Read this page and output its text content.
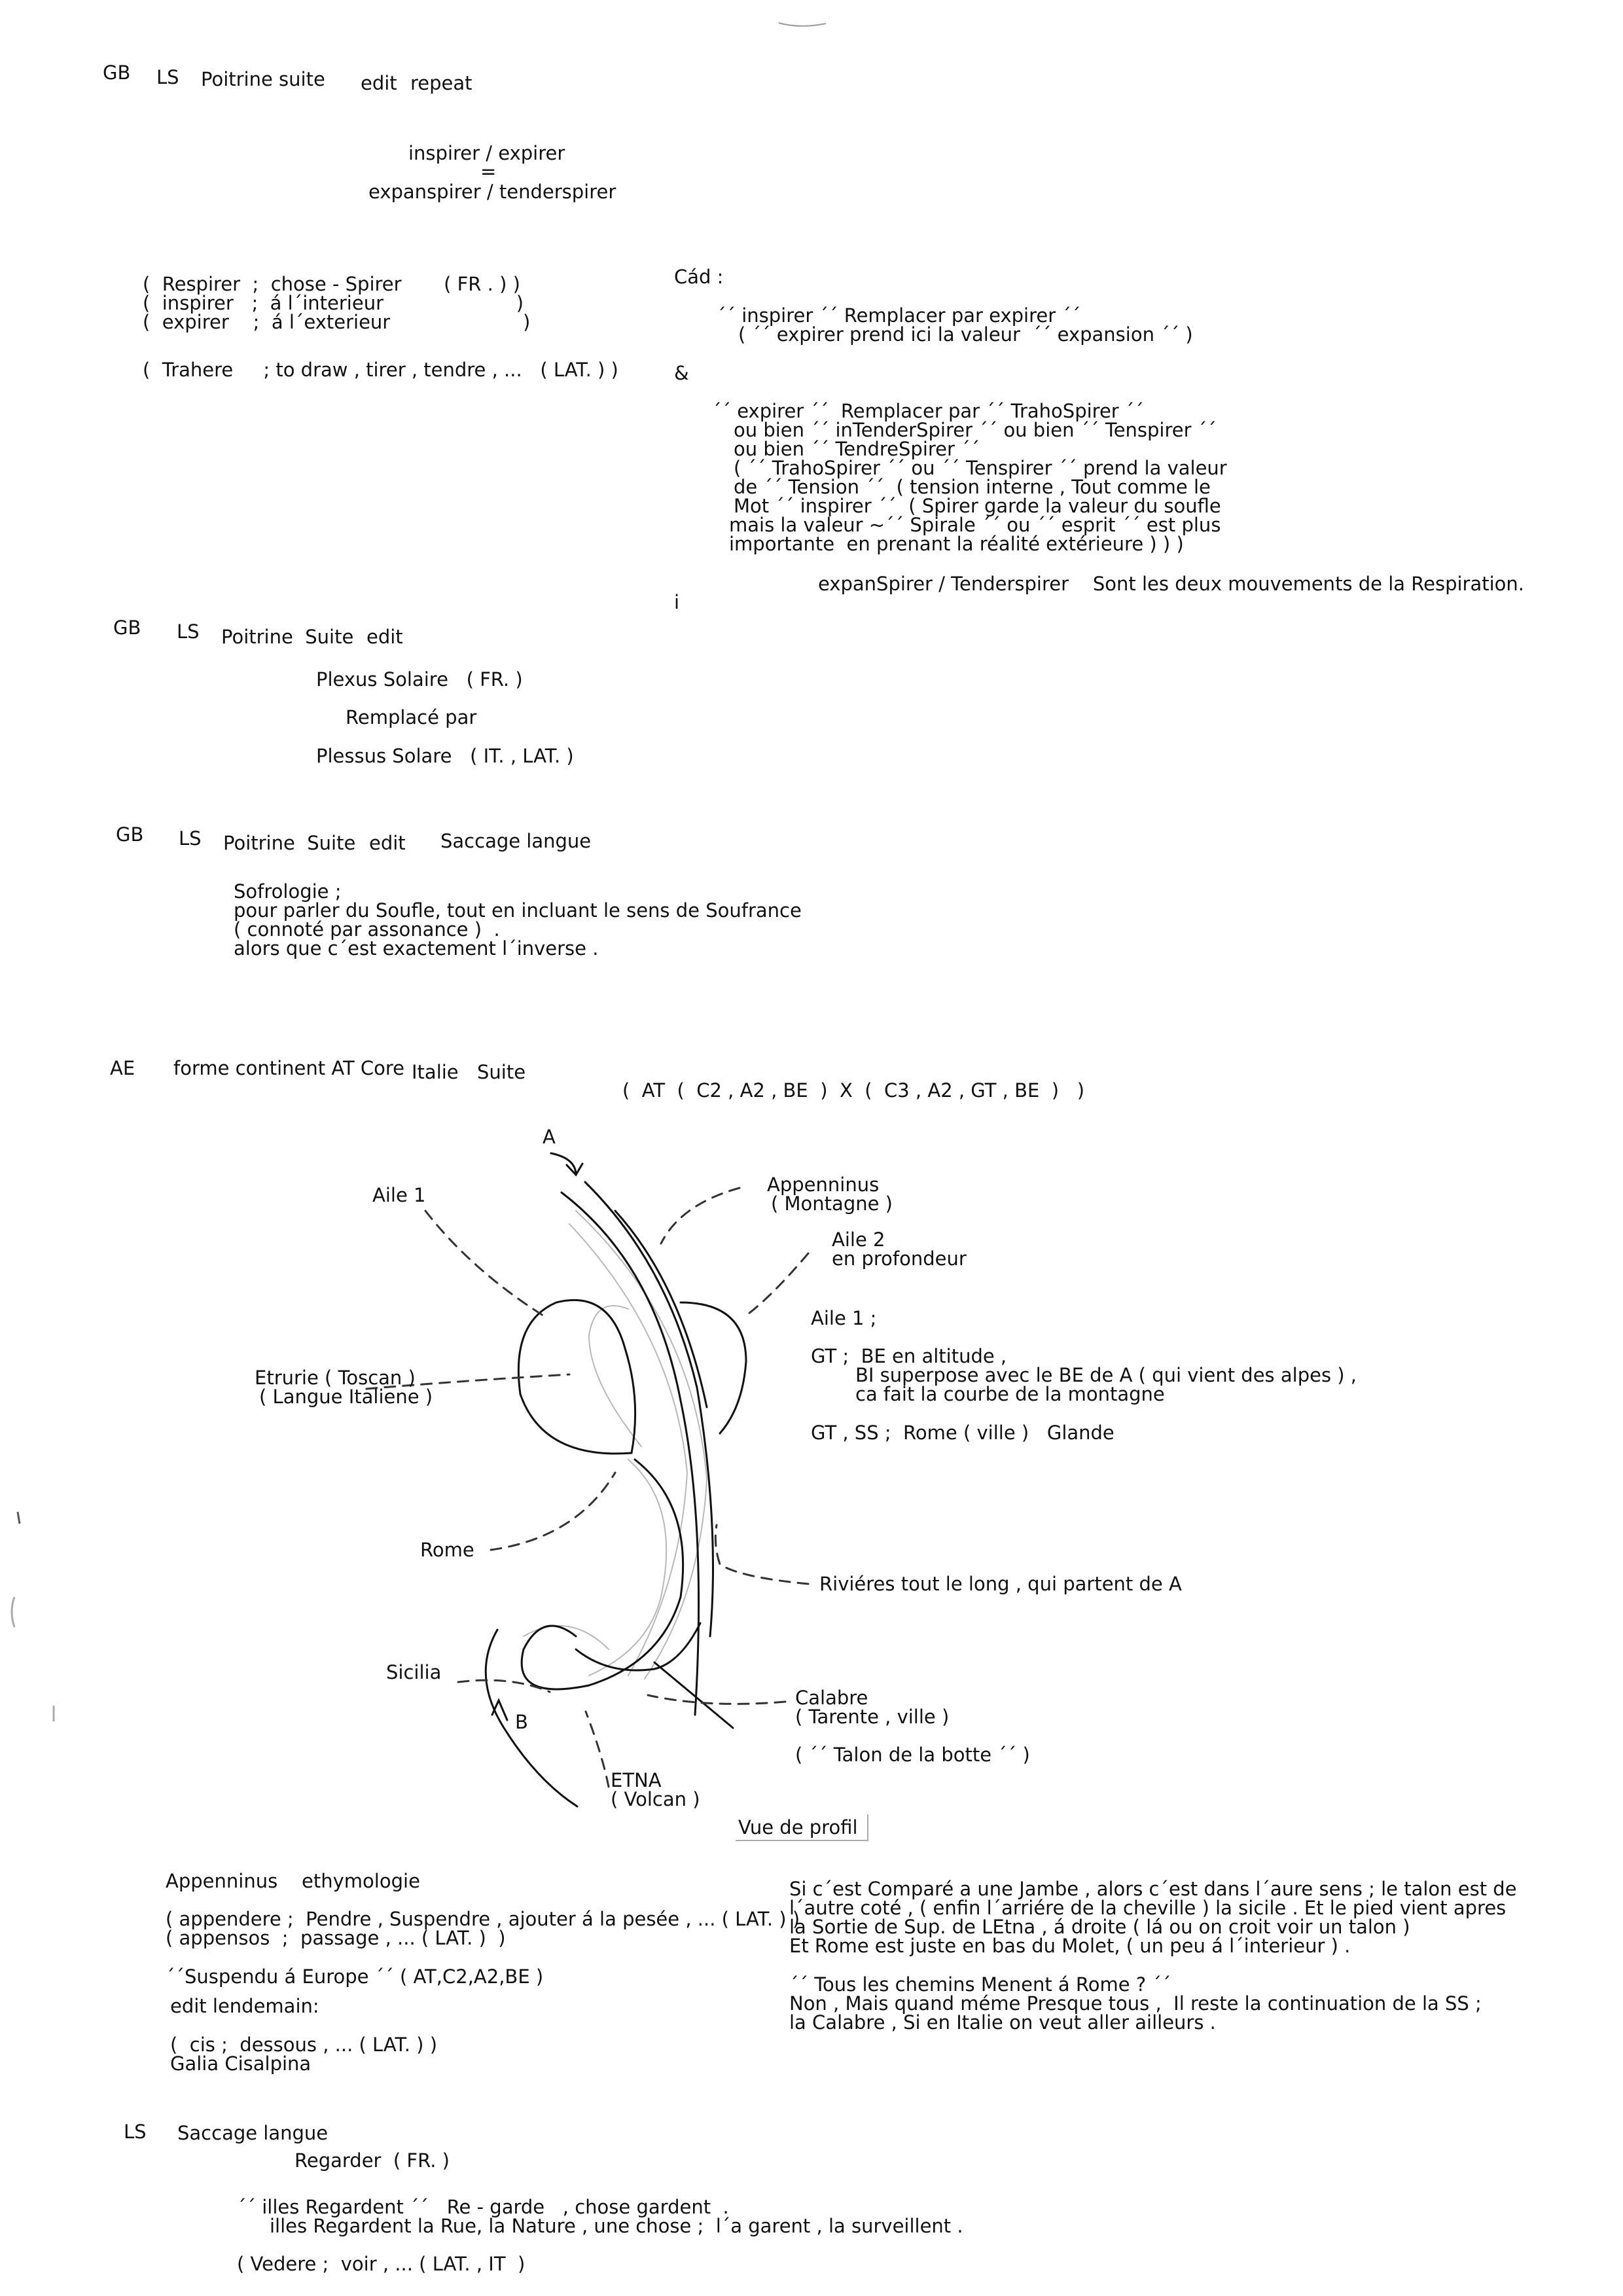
GB LS Poitrine suite edit repeat
inspirer / expirer
=
expanspirer / tenderspirer
(  Respirer  ;  chose - Spirer       ( FR . ) )
(  inspirer   ;  á l´interieur                      )
(  expirer    ;  á l´exterieur                      )
(  Trahere     ; to draw , tirer , tendre , ...   ( LAT. ) )
Cád :
´´ inspirer ´´ Remplacer par expirer ´´
( ´´ expirer prend ici la valeur  ´´ expansion ´´ )
&
´´ expirer ´´  Remplacer par ´´ TrahoSpirer ´´
ou bien ´´ inTenderSpirer ´´ ou bien ´´ Tenspirer ´´
ou bien ´´ TendreSpirer ´´
( ´´ TrahoSpirer ´´ ou ´´ Tenspirer ´´ prend la valeur
de ´´ Tension ´´  ( tension interne , Tout comme le
Mot ´´ inspirer ´´  ( Spirer garde la valeur du soufle
mais la valeur ~´´ Spirale ´´ ou ´´ esprit ´´ est plus
importante  en prenant la réalité extérieure ) ) )
expanSpirer / Tenderspirer    Sont les deux mouvements de la Respiration.
i
GB LS Poitrine  Suite edit
Plexus Solaire   ( FR. )
Remplacé par
Plessus Solare   ( IT. , LAT. )
GB LS Poitrine  Suite edit Saccage langue
Sofrologie ;
pour parler du Soufle, tout en incluant le sens de Soufrance
( connoté par assonance )  .
alors que c´est exactement l´inverse .
AE forme continent AT Core Italie Suite
(  AT  (  C2 , A2 , BE  )  X  (  C3 , A2 , GT , BE  )   )
A
Aile 1	Appenninus
( Montagne )
Aile 2
en profondeur
Etrurie ( Toscan )
( Langue Italiene )
Aile 1 ;
GT ;  BE en altitude ,
BI superpose avec le BE de A ( qui vient des alpes ) ,
ca fait la courbe de la montagne
GT , SS ;  Rome ( ville )   Glande
Rome
Riviéres tout le long , qui partent de A
Sicilia
B
Calabre
( Tarente , ville )
( ´´ Talon de la botte ´´ )
ETNA
( Volcan )
Vue de profil
Appenninus    ethymologie
( appendere ;  Pendre , Suspendre , ajouter á la pesée , ... ( LAT. ) )
( appensos  ;  passage , ... ( LAT. )  )
´´Suspendu á Europe ´´ ( AT,C2,A2,BE )
edit lendemain:
(  cis ;  dessous , ... ( LAT. ) )
Galia Cisalpina
Si c´est Comparé a une Jambe , alors c´est dans l´aure sens ; le talon est de
l´autre coté , ( enfin l´arriére de la cheville ) la sicile . Et le pied vient apres
la Sortie de Sup. de LEtna , á droite ( lá ou on croit voir un talon )
Et Rome est juste en bas du Molet, ( un peu á l´interieur ) .
´´ Tous les chemins Menent á Rome ? ´´
Non , Mais quand méme Presque tous ,  Il reste la continuation de la SS ;
la Calabre , Si en Italie on veut aller ailleurs .
LS Saccage langue
Regarder  ( FR. )
´´ illes Regardent ´´   Re - garde   , chose gardent  .
illes Regardent la Rue, la Nature , une chose ;  l´a garent , la surveillent .
( Vedere ;  voir , ... ( LAT. , IT  )
